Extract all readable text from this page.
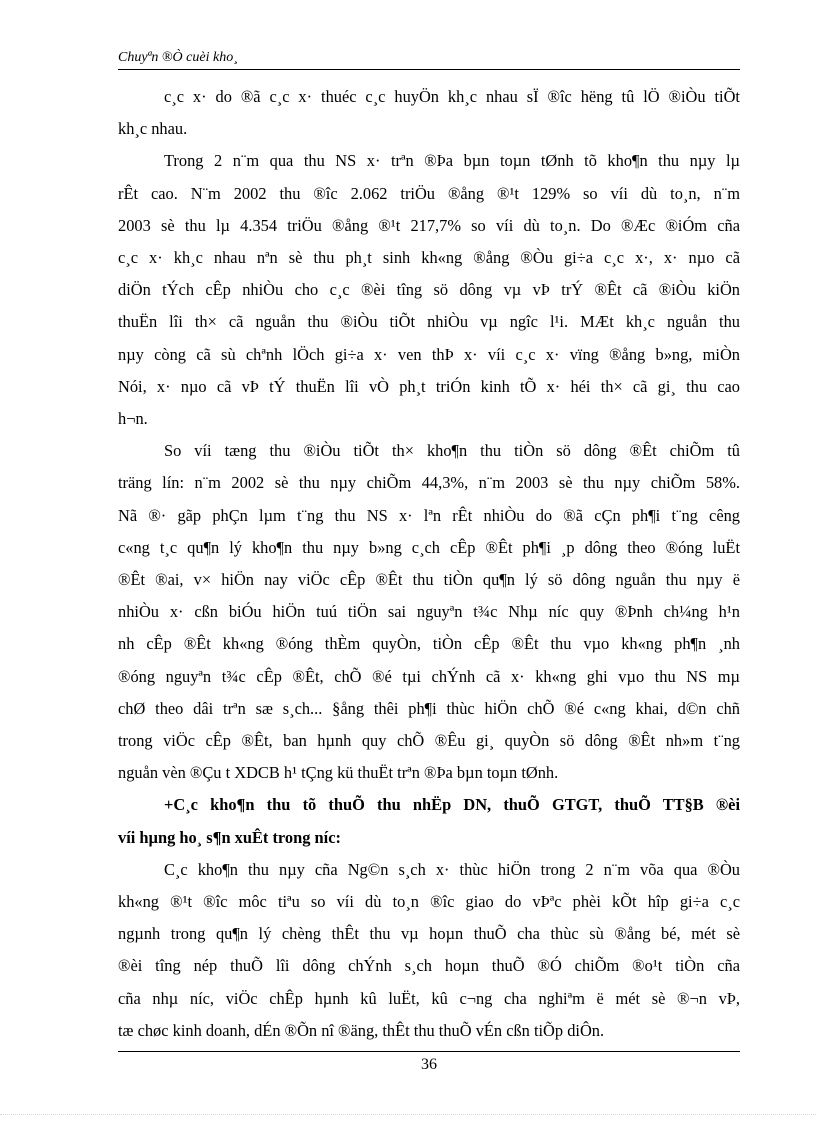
Chuyªn ®Ò cuèi kho¸
c¸c x· do ®ã c¸c x· thuéc c¸c huyÖn kh¸c nhau sÏ ®îc hëng tû lÖ ®iÒu tiÕt
kh¸c nhau.
Trong 2 n¨m qua thu NS x· trªn ®Þa bµn toµn tØnh tõ kho¶n thu nµy lµ
rÊt cao. N¨m 2002 thu ®îc 2.062 triÖu ®ång ®¹t 129% so víi dù to¸n, n¨m
2003 sè thu lµ 4.354 triÖu ®ång ®¹t 217,7% so víi dù to¸n. Do ®Æc ®iÓm cña
c¸c x· kh¸c nhau nªn sè thu ph¸t sinh kh«ng ®ång ®Òu gi÷a c¸c x·, x· nµo cã
diÖn tÝch cÊp nhiÒu cho c¸c ®èi tîng sö dông vµ vÞ trÝ ®Êt cã ®iÒu kiÖn
thuËn lîi th× cã nguån thu ®iÒu tiÕt nhiÒu vµ ngîc l¹i. MÆt kh¸c nguån thu
nµy còng cã sù chªnh lÖch gi÷a x· ven thÞ x· víi c¸c x· vïng ®ång b»ng, miÒn
Nói, x· nµo cã vÞ tÝ thuËn lîi vÒ ph¸t triÓn kinh tÕ x· héi th× cã gi¸ thu cao
h¬n.
So víi tæng thu ®iÒu tiÕt th× kho¶n thu tiÒn sö dông ®Êt chiÕm tû
träng lín: n¨m 2002 sè thu nµy chiÕm 44,3%, n¨m 2003 sè thu nµy chiÕm 58%.
Nã ®· gãp phÇn lµm t¨ng thu NS x· lªn rÊt nhiÒu do ®ã cÇn ph¶i t¨ng cêng
c«ng t¸c qu¶n lý kho¶n thu nµy b»ng c¸ch cÊp ®Êt ph¶i ¸p dông theo ®óng luËt
®Êt ®ai, v× hiÖn nay viÖc cÊp ®Êt thu tiÒn qu¶n lý sö dông nguån thu nµy ë
nhiÒu x· cßn biÓu hiÖn tuú tiÖn sai nguyªn t¾c Nhµ níc quy ®Þnh ch¼ng h¹n
nh cÊp ®Êt kh«ng ®óng thÈm quyÒn, tiÒn cÊp ®Êt thu vµo kh«ng ph¶n ¸nh
®óng nguyªn t¾c cÊp ®Êt, chÕ ®é tµi chÝnh cã x· kh«ng ghi vµo thu NS mµ
chØ theo dâi trªn sæ s¸ch... §ång thêi ph¶i thùc hiÖn chÕ ®é c«ng khai, d©n chñ
trong viÖc cÊp ®Êt, ban hµnh quy chÕ ®Êu gi¸ quyÒn sö dông ®Êt nh»m t¨ng
nguån vèn ®Çu t XDCB h¹ tÇng kü thuËt trªn ®Þa bµn toµn tØnh.
+C¸c kho¶n thu tõ thuÕ thu nhËp DN, thuÕ GTGT, thuÕ TT§B ®èi
víi hµng ho¸ s¶n xuÊt trong níc:
C¸c kho¶n thu nµy cña Ng©n s¸ch x· thùc hiÖn trong 2 n¨m võa qua ®Òu
kh«ng ®¹t ®îc môc tiªu so víi dù to¸n ®îc giao do vÞªc phèi kÕt hîp gi÷a c¸c
ngµnh trong qu¶n lý chèng thÊt thu vµ hoµn thuÕ cha thùc sù ®ång bé, mét sè
®èi tîng nép thuÕ lîi dông chÝnh s¸ch hoµn thuÕ ®Ó chiÕm ®o¹t tiÒn cña
cña nhµ níc, viÖc chÊp hµnh kû luËt, kû c¬ng cha nghiªm ë mét sè ®¬n vÞ,
tæ chøc kinh doanh, dÉn ®Õn nî ®äng, thÊt thu thuÕ vÉn cßn tiÕp diÔn.
36
